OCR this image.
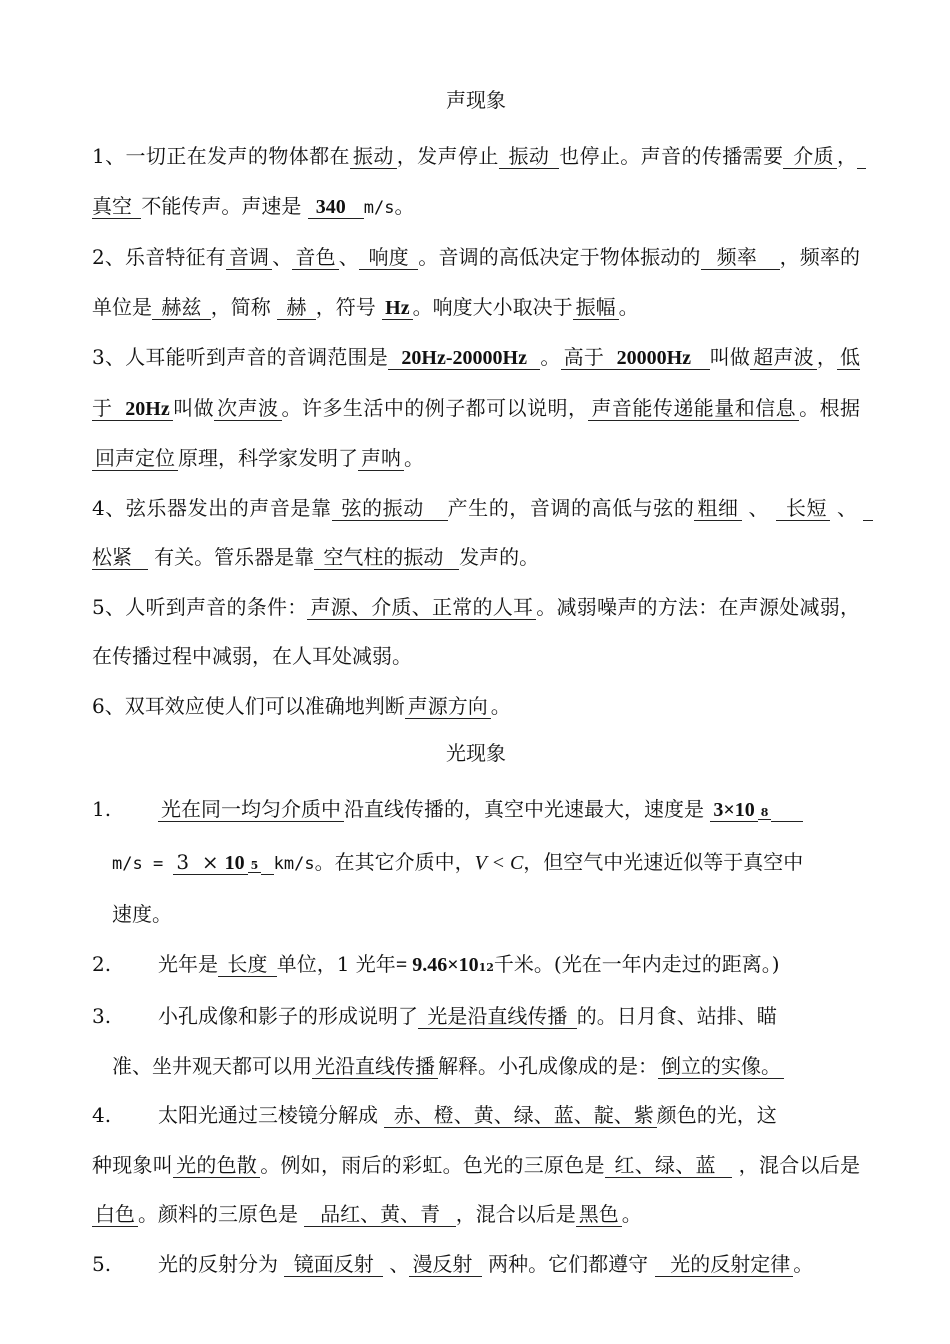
声现象

1、一切正在发声的物体都在 振动 ，发声停止 振动 也停止。声音的传播需要 介质 ， 真空 不能传声。声速是  340   m/s。

2、乐音特征有 音调 、 音色 、 响度 。音调的高低决定于物体振动的  频率   ，频率的单位是 赫兹 ，简称  赫 ，符号 Hz 。响度大小取决于 振幅 。

3、人耳能听到声音的音调范围是  20Hz-20000Hz  。 高于 20000Hz   叫做 超声波 ， 低于 20Hz 叫做 次声波 。许多生活中的例子都可以说明， 声音能传递能量和信息 。根据回声定位 原理，科学家发明了 声呐 。

4、弦乐器发出的声音是靠 弦的振动   产生的，音调的高低与弦的 粗细 、  长短 、  松紧   有关。管乐器是靠 空气柱的振动  发声的。

5、人听到声音的条件： 声源、介质、正常的人耳 。减弱噪声的方法：在声源处减弱，在传播过程中减弱，在人耳处减弱。

6、双耳效应使人们可以准确地判断 声源方向 。

光现象
1.	光在同一均匀介质中 沿直线传播的，真空中光速最大，速度是 3×10 8
m/s = 3  × 10 5 km/s。在其它介质中，V < C，但空气中光速近似等于真空中
速度。
2.	光年是 长度 单位，1 光年= 9.46×1012千米。(光在一年内走过的距离。)
3.	小孔成像和影子的形成说明了 光是沿直线传播 的。日月食、站排、瞄
准、坐井观天都可以用 光沿直线传播 解释。小孔成像成的是： 倒立的实像。
4.	太阳光通过三棱镜分解成  赤、橙、黄、绿、蓝、靛、紫 颜色的光，这

种现象叫 光的色散 。例如，雨后的彩虹。色光的三原色是 红、绿、蓝   ，混合以后是白色 。颜料的三原色是   品红、黄、青  ，混合以后是 黑色 。

5.	光的反射分为  镜面反射  、 漫反射  两种。它们都遵守   光的反射定律 。
